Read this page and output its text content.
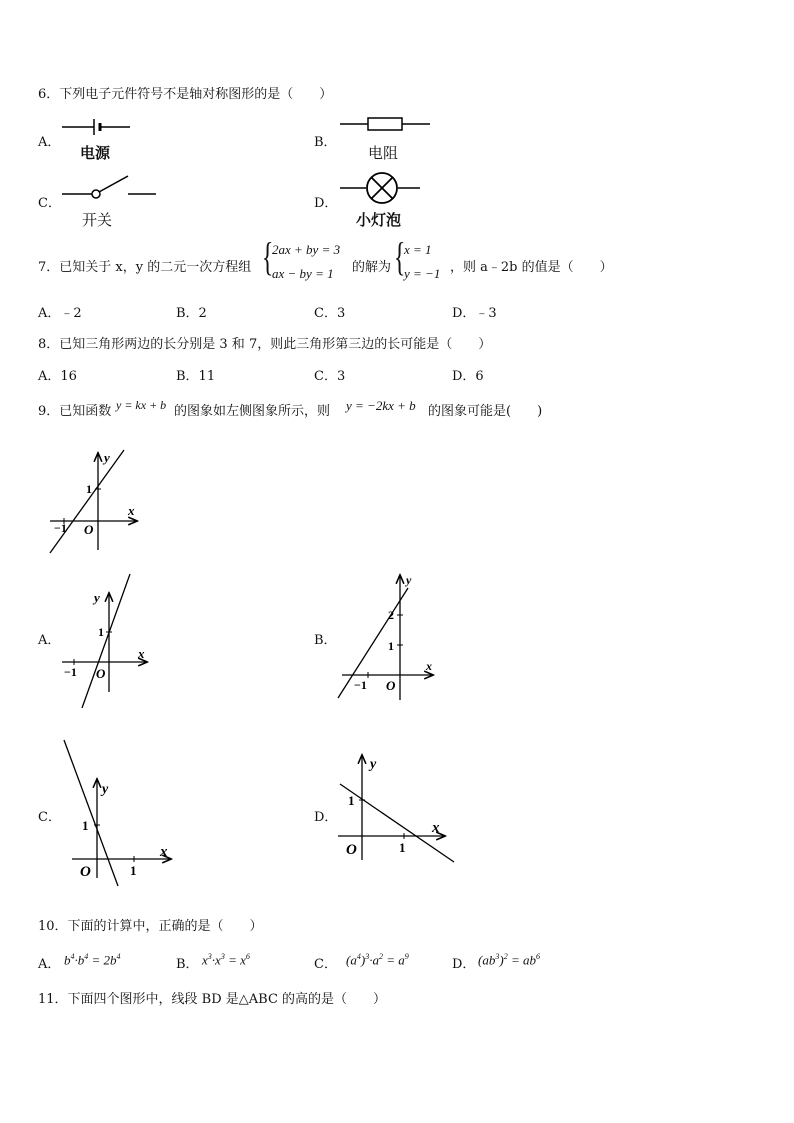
6．下列电子元件符号不是轴对称图形的是（　　）
A．
电源
B．
电阻
C．
开关
D．
小灯泡
7．已知关于 x，y 的二元一次方程组 {
2ax + by = 3
ax − by = 1 的解为 {
x = 1
y = −1 ，则 a﹣2b 的值是（　　）
A．﹣2	B．2	C．3	D．﹣3
8．已知三角形两边的长分别是 3 和 7，则此三角形第三边的长可能是（　　）
A．16	B．11	C．3	D．6
9．已知函数 y = kx + b 的图象如左侧图象所示，则 y = −2kx + b 的图象可能是(　　)
1
−1 O
x
y
A．
1
−1 O
x
y
B．
2
1
−1 O
x
y
C．
1
1
O
x
y
D．
1
1
O
x
y
10．下面的计算中，正确的是（　　）
A． $b^4\cdot b^4 = 2b^4$
B． $x^3\cdot x^3 = x^6$
C． $(a^4)^3\cdot a^2 = a^9$
D． $(ab^3)^2 = ab^6$
11．下面四个图形中，线段 BD 是△ABC 的高的是（　　）
